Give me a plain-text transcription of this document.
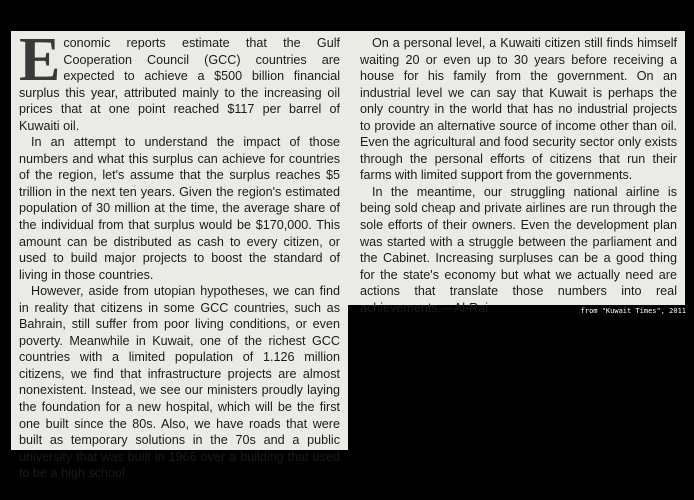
Economic reports estimate that the Gulf Cooperation Council (GCC) countries are expected to achieve a $500 billion financial surplus this year, attributed mainly to the increasing oil prices that at one point reached $117 per barrel of Kuwaiti oil.

In an attempt to understand the impact of those numbers and what this surplus can achieve for countries of the region, let's assume that the surplus reaches $5 trillion in the next ten years. Given the region's estimated population of 30 million at the time, the average share of the individual from that surplus would be $170,000. This amount can be distributed as cash to every citizen, or used to build major projects to boost the standard of living in those countries.

However, aside from utopian hypotheses, we can find in reality that citizens in some GCC countries, such as Bahrain, still suffer from poor living conditions, or even poverty. Meanwhile in Kuwait, one of the richest GCC countries with a limited population of 1.126 million citizens, we find that infrastructure projects are almost nonexistent. Instead, we see our ministers proudly laying the foundation for a new hospital, which will be the first one built since the 80s. Also, we have roads that were built as temporary solutions in the 70s and a public university that was built in 1966 over a building that used to be a high school.

On a personal level, a Kuwaiti citizen still finds himself waiting 20 or even up to 30 years before receiving a house for his family from the government. On an industrial level we can say that Kuwait is perhaps the only country in the world that has no industrial projects to provide an alternative source of income other than oil. Even the agricultural and food security sector only exists through the personal efforts of citizens that run their farms with limited support from the governments.

In the meantime, our struggling national airline is being sold cheap and private airlines are run through the sole efforts of their owners. Even the development plan was started with a struggle between the parliament and the Cabinet. Increasing surpluses can be a good thing for the state's economy but what we actually need are actions that translate those numbers into real achievements.—Al-Rai	from "Kuwait Times", 2011
